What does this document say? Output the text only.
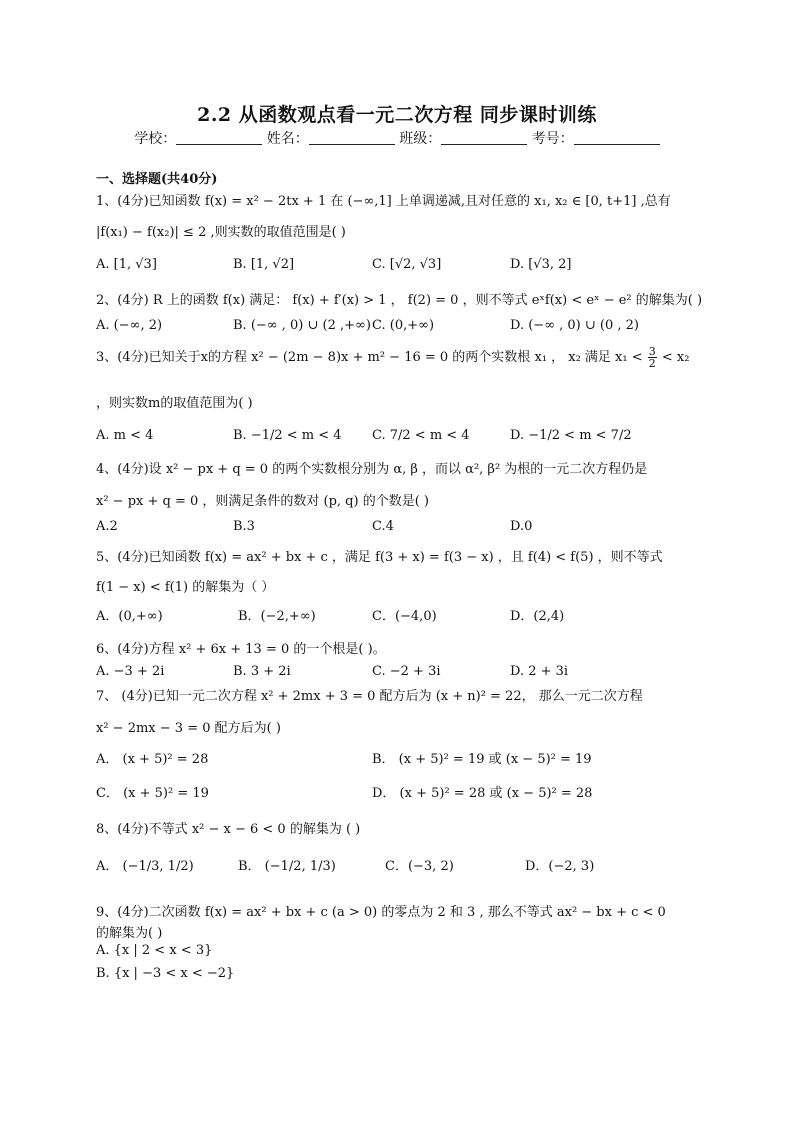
2.2 从函数观点看一元二次方程 同步课时训练
学校：	姓名：	班级：	考号：
一、选择题(共40分)
1、(4分)已知函数 f(x) = x² − 2tx + 1 在 (−∞,1] 上单调递减,且对任意的 x₁, x₂ ∈ [0, t+1] ,总有
|f(x₁) − f(x₂)| ≤ 2 ,则实数的取值范围是( )
A. [1, √3]	B. [1, √2]	C. [√2, √3]	D. [√3, 2]
2、(4分) R 上的函数 f(x) 满足： f(x) + f′(x) > 1 ， f(2) = 0 ，则不等式 eˣf(x) < eˣ − e² 的解集为( )
A. (−∞, 2)	B. (−∞ , 0) ∪ (2 ,+∞) C. (0,+∞)	D. (−∞ , 0) ∪ (0 , 2)
3、(4分)已知关于x的方程 x² − (2m − 8)x + m² − 16 = 0 的两个实数根 x₁ ， x₂ 满足 $x_1 < \frac{3}{2} < x_2$
，则实数m的取值范围为( )
A. m < 4	B. −1/2 < m < 4 C. 7/2 < m < 4	D. −1/2 < m < 7/2
4、(4分)设 x² − px + q = 0 的两个实数根分别为 α, β ，而以 α², β² 为根的一元二次方程仍是
x² − px + q = 0 ，则满足条件的数对 (p, q) 的个数是( )
A.2	B.3	C.4	D.0
5、(4分)已知函数 f(x) = ax² + bx + c ，满足 f(3 + x) = f(3 − x) ，且 f(4) < f(5) ，则不等式
f(1 − x) < f(1) 的解集为（ ）
A．(0,+∞)	B．(−2,+∞)	C．(−4,0)	D．(2,4)
6、(4分)方程 x² + 6x + 13 = 0 的一个根是( )。
A. −3 + 2i	B. 3 + 2i	C. −2 + 3i	D. 2 + 3i
7、 (4分)已知一元二次方程 x² + 2mx + 3 = 0 配方后为 (x + n)² = 22， 那么一元二次方程
x² − 2mx − 3 = 0 配方后为( )
A． (x + 5)² = 28	B． (x + 5)² = 19 或 (x − 5)² = 19
C． (x + 5)² = 19	D． (x + 5)² = 28 或 (x − 5)² = 28
8、(4分)不等式 x² − x − 6 < 0 的解集为 ( )
A． (−1/3, 1/2)	B． (−1/2, 1/3)	C．(−3, 2)	D．(−2, 3)
9、(4分)二次函数 f(x) = ax² + bx + c (a > 0) 的零点为 2 和 3 , 那么不等式 ax² − bx + c < 0
的解集为( )
A. {x | 2 < x < 3}
B. {x | −3 < x < −2}
